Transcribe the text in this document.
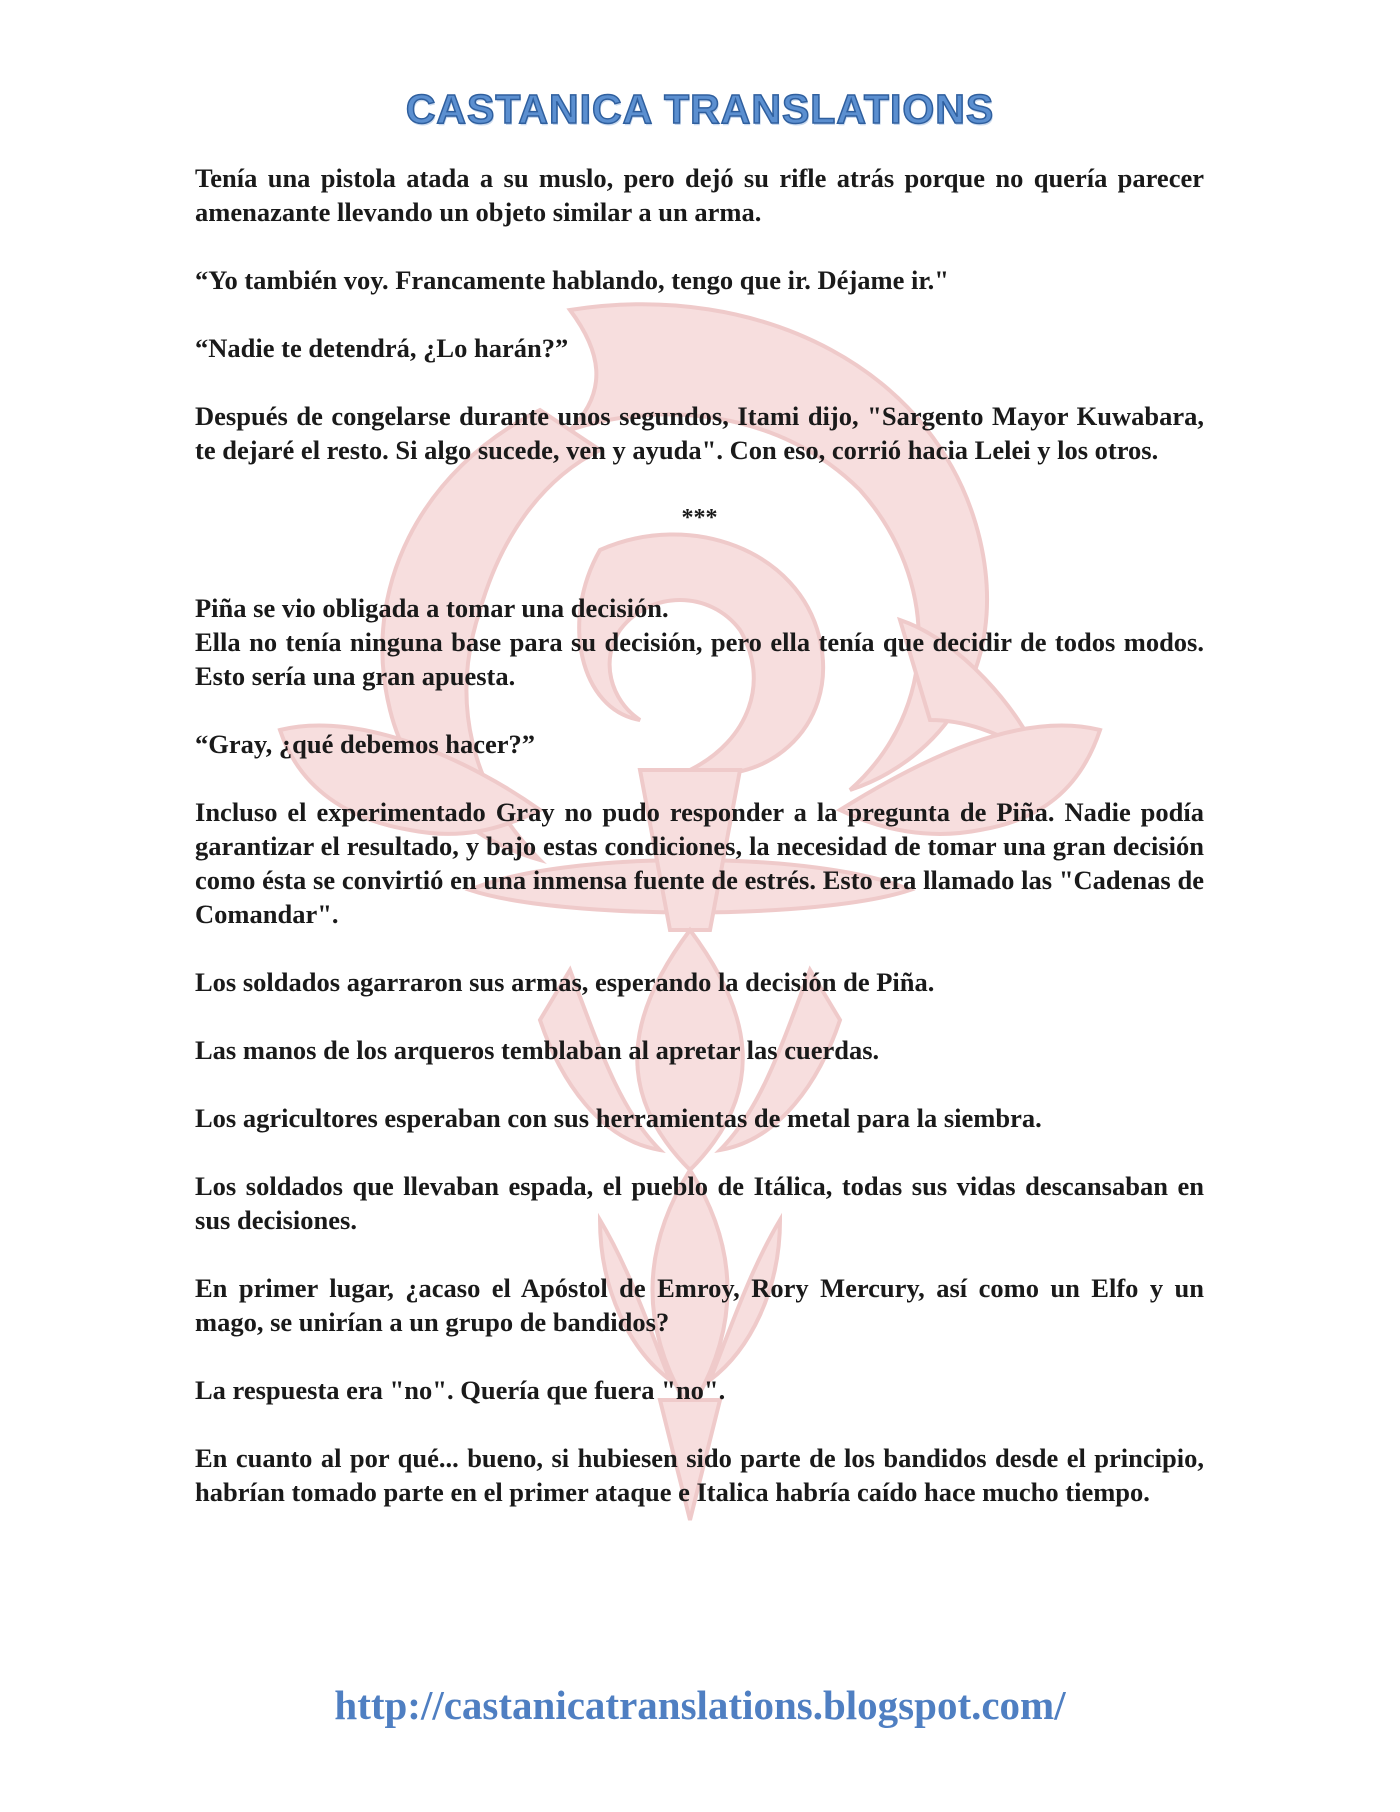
CASTANICA TRANSLATIONS

Tenía una pistola atada a su muslo, pero dejó su rifle atrás porque no quería parecer amenazante llevando un objeto similar a un arma.

“Yo también voy. Francamente hablando, tengo que ir. Déjame ir."

“Nadie te detendrá, ¿Lo harán?”

Después de congelarse durante unos segundos, Itami dijo, "Sargento Mayor Kuwabara, te dejaré el resto. Si algo sucede, ven y ayuda". Con eso, corrió hacia Lelei y los otros.

***

Piña se vio obligada a tomar una decisión.

Ella no tenía ninguna base para su decisión, pero ella tenía que decidir de todos modos. Esto sería una gran apuesta.

“Gray, ¿qué debemos hacer?”

Incluso el experimentado Gray no pudo responder a la pregunta de Piña. Nadie podía garantizar el resultado, y bajo estas condiciones, la necesidad de tomar una gran decisión como ésta se convirtió en una inmensa fuente de estrés. Esto era llamado las "Cadenas de Comandar".

Los soldados agarraron sus armas, esperando la decisión de Piña.

Las manos de los arqueros temblaban al apretar las cuerdas.

Los agricultores esperaban con sus herramientas de metal para la siembra.

Los soldados que llevaban espada, el pueblo de Itálica, todas sus vidas descansaban en sus decisiones.

En primer lugar, ¿acaso el Apóstol de Emroy, Rory Mercury, así como un Elfo y un mago, se unirían a un grupo de bandidos?

La respuesta era "no". Quería que fuera "no".

En cuanto al por qué... bueno, si hubiesen sido parte de los bandidos desde el principio, habrían tomado parte en el primer ataque e Italica habría caído hace mucho tiempo.

http://castanicatranslations.blogspot.com/
